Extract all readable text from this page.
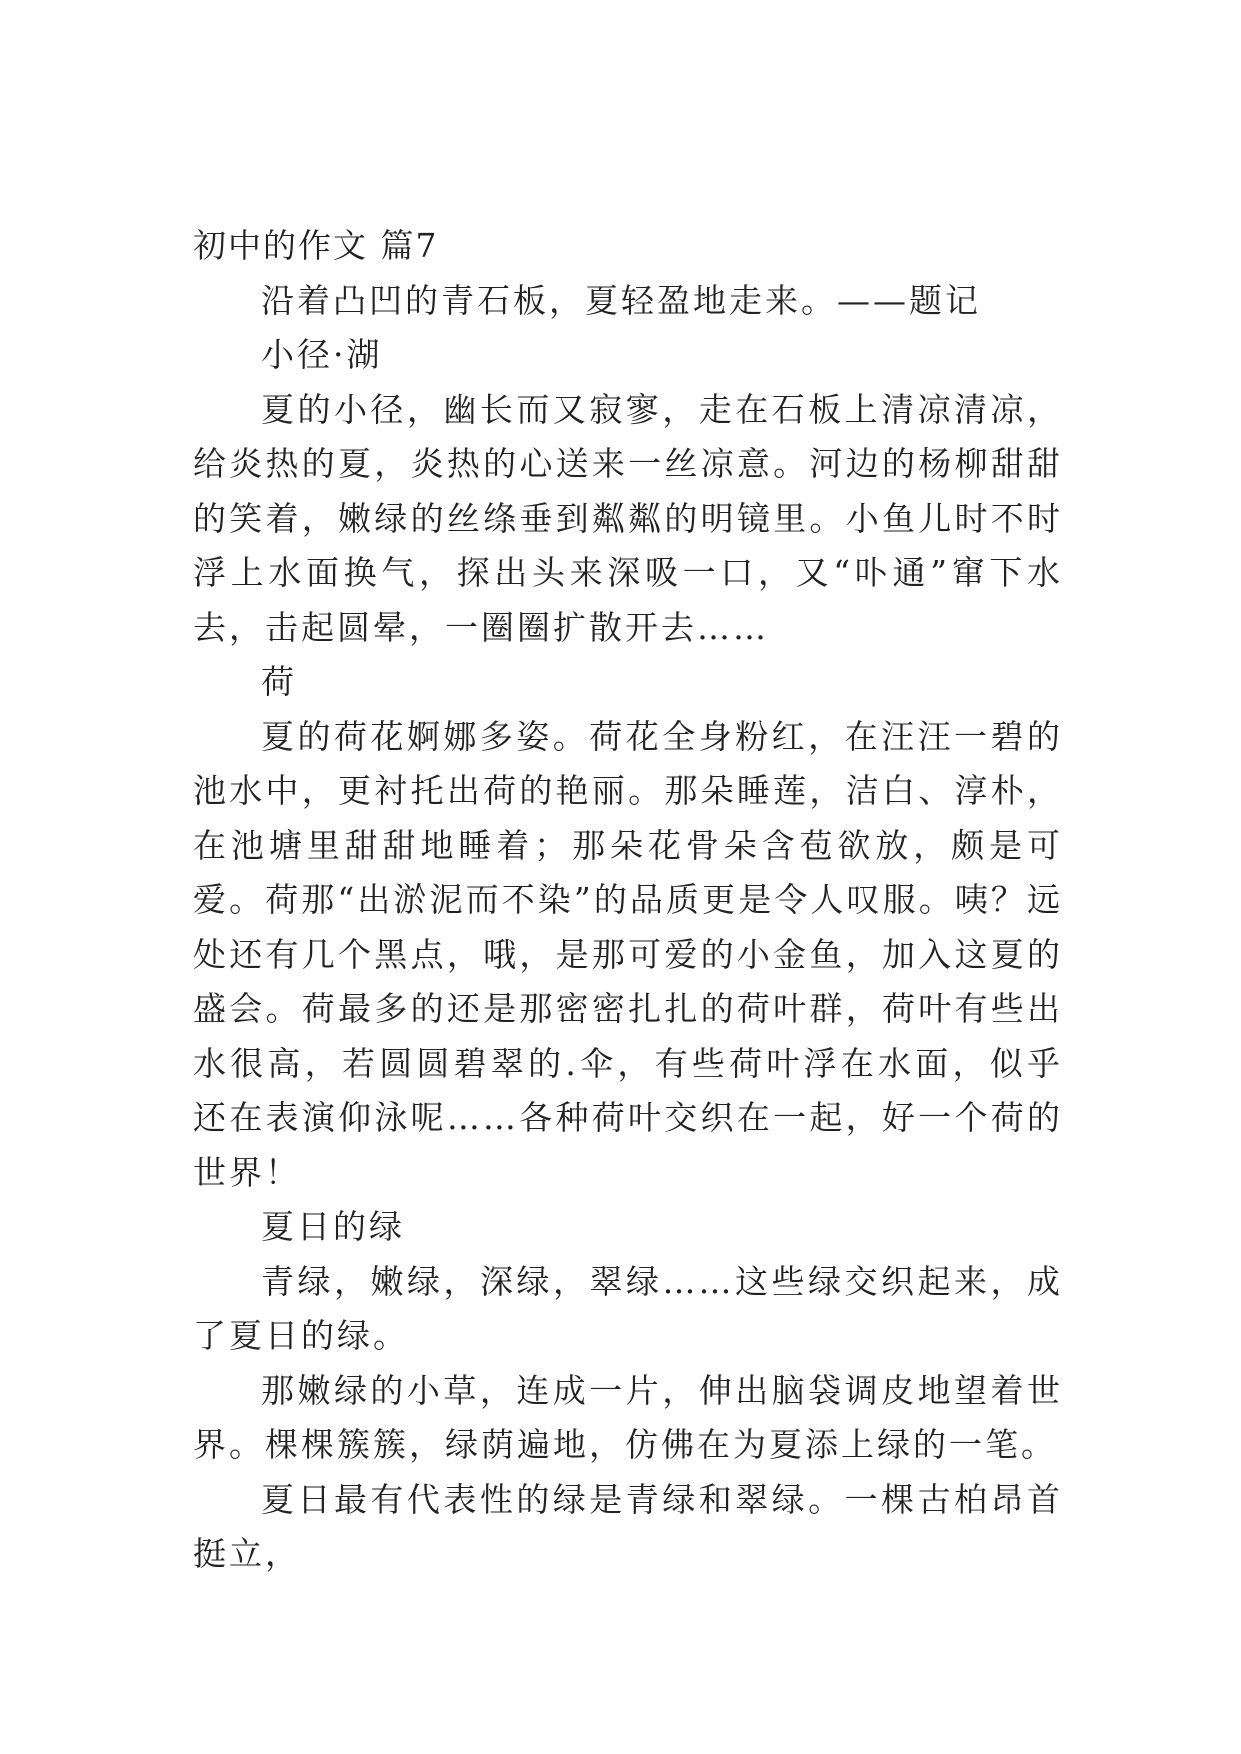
初中的作文 篇7

沿着凸凹的青石板，夏轻盈地走来。——题记

小径·湖

夏的小径，幽长而又寂寥，走在石板上清凉清凉，给炎热的夏，炎热的心送来一丝凉意。河边的杨柳甜甜的笑着，嫩绿的丝绦垂到粼粼的明镜里。小鱼儿时不时浮上水面换气，探出头来深吸一口，又“卟通”窜下水去，击起圆晕，一圈圈扩散开去……

荷

夏的荷花婀娜多姿。荷花全身粉红，在汪汪一碧的池水中，更衬托出荷的艳丽。那朵睡莲，洁白、淳朴，在池塘里甜甜地睡着；那朵花骨朵含苞欲放，颇是可爱。荷那“出淤泥而不染”的品质更是令人叹服。咦？远处还有几个黑点，哦，是那可爱的小金鱼，加入这夏的盛会。荷最多的还是那密密扎扎的荷叶群，荷叶有些出水很高，若圆圆碧翠的.伞，有些荷叶浮在水面，似乎还在表演仰泳呢……各种荷叶交织在一起，好一个荷的世界！

夏日的绿

青绿，嫩绿，深绿，翠绿……这些绿交织起来，成了夏日的绿。

那嫩绿的小草，连成一片，伸出脑袋调皮地望着世界。棵棵簇簇，绿荫遍地，仿佛在为夏添上绿的一笔。

夏日最有代表性的绿是青绿和翠绿。一棵古柏昂首挺立，
